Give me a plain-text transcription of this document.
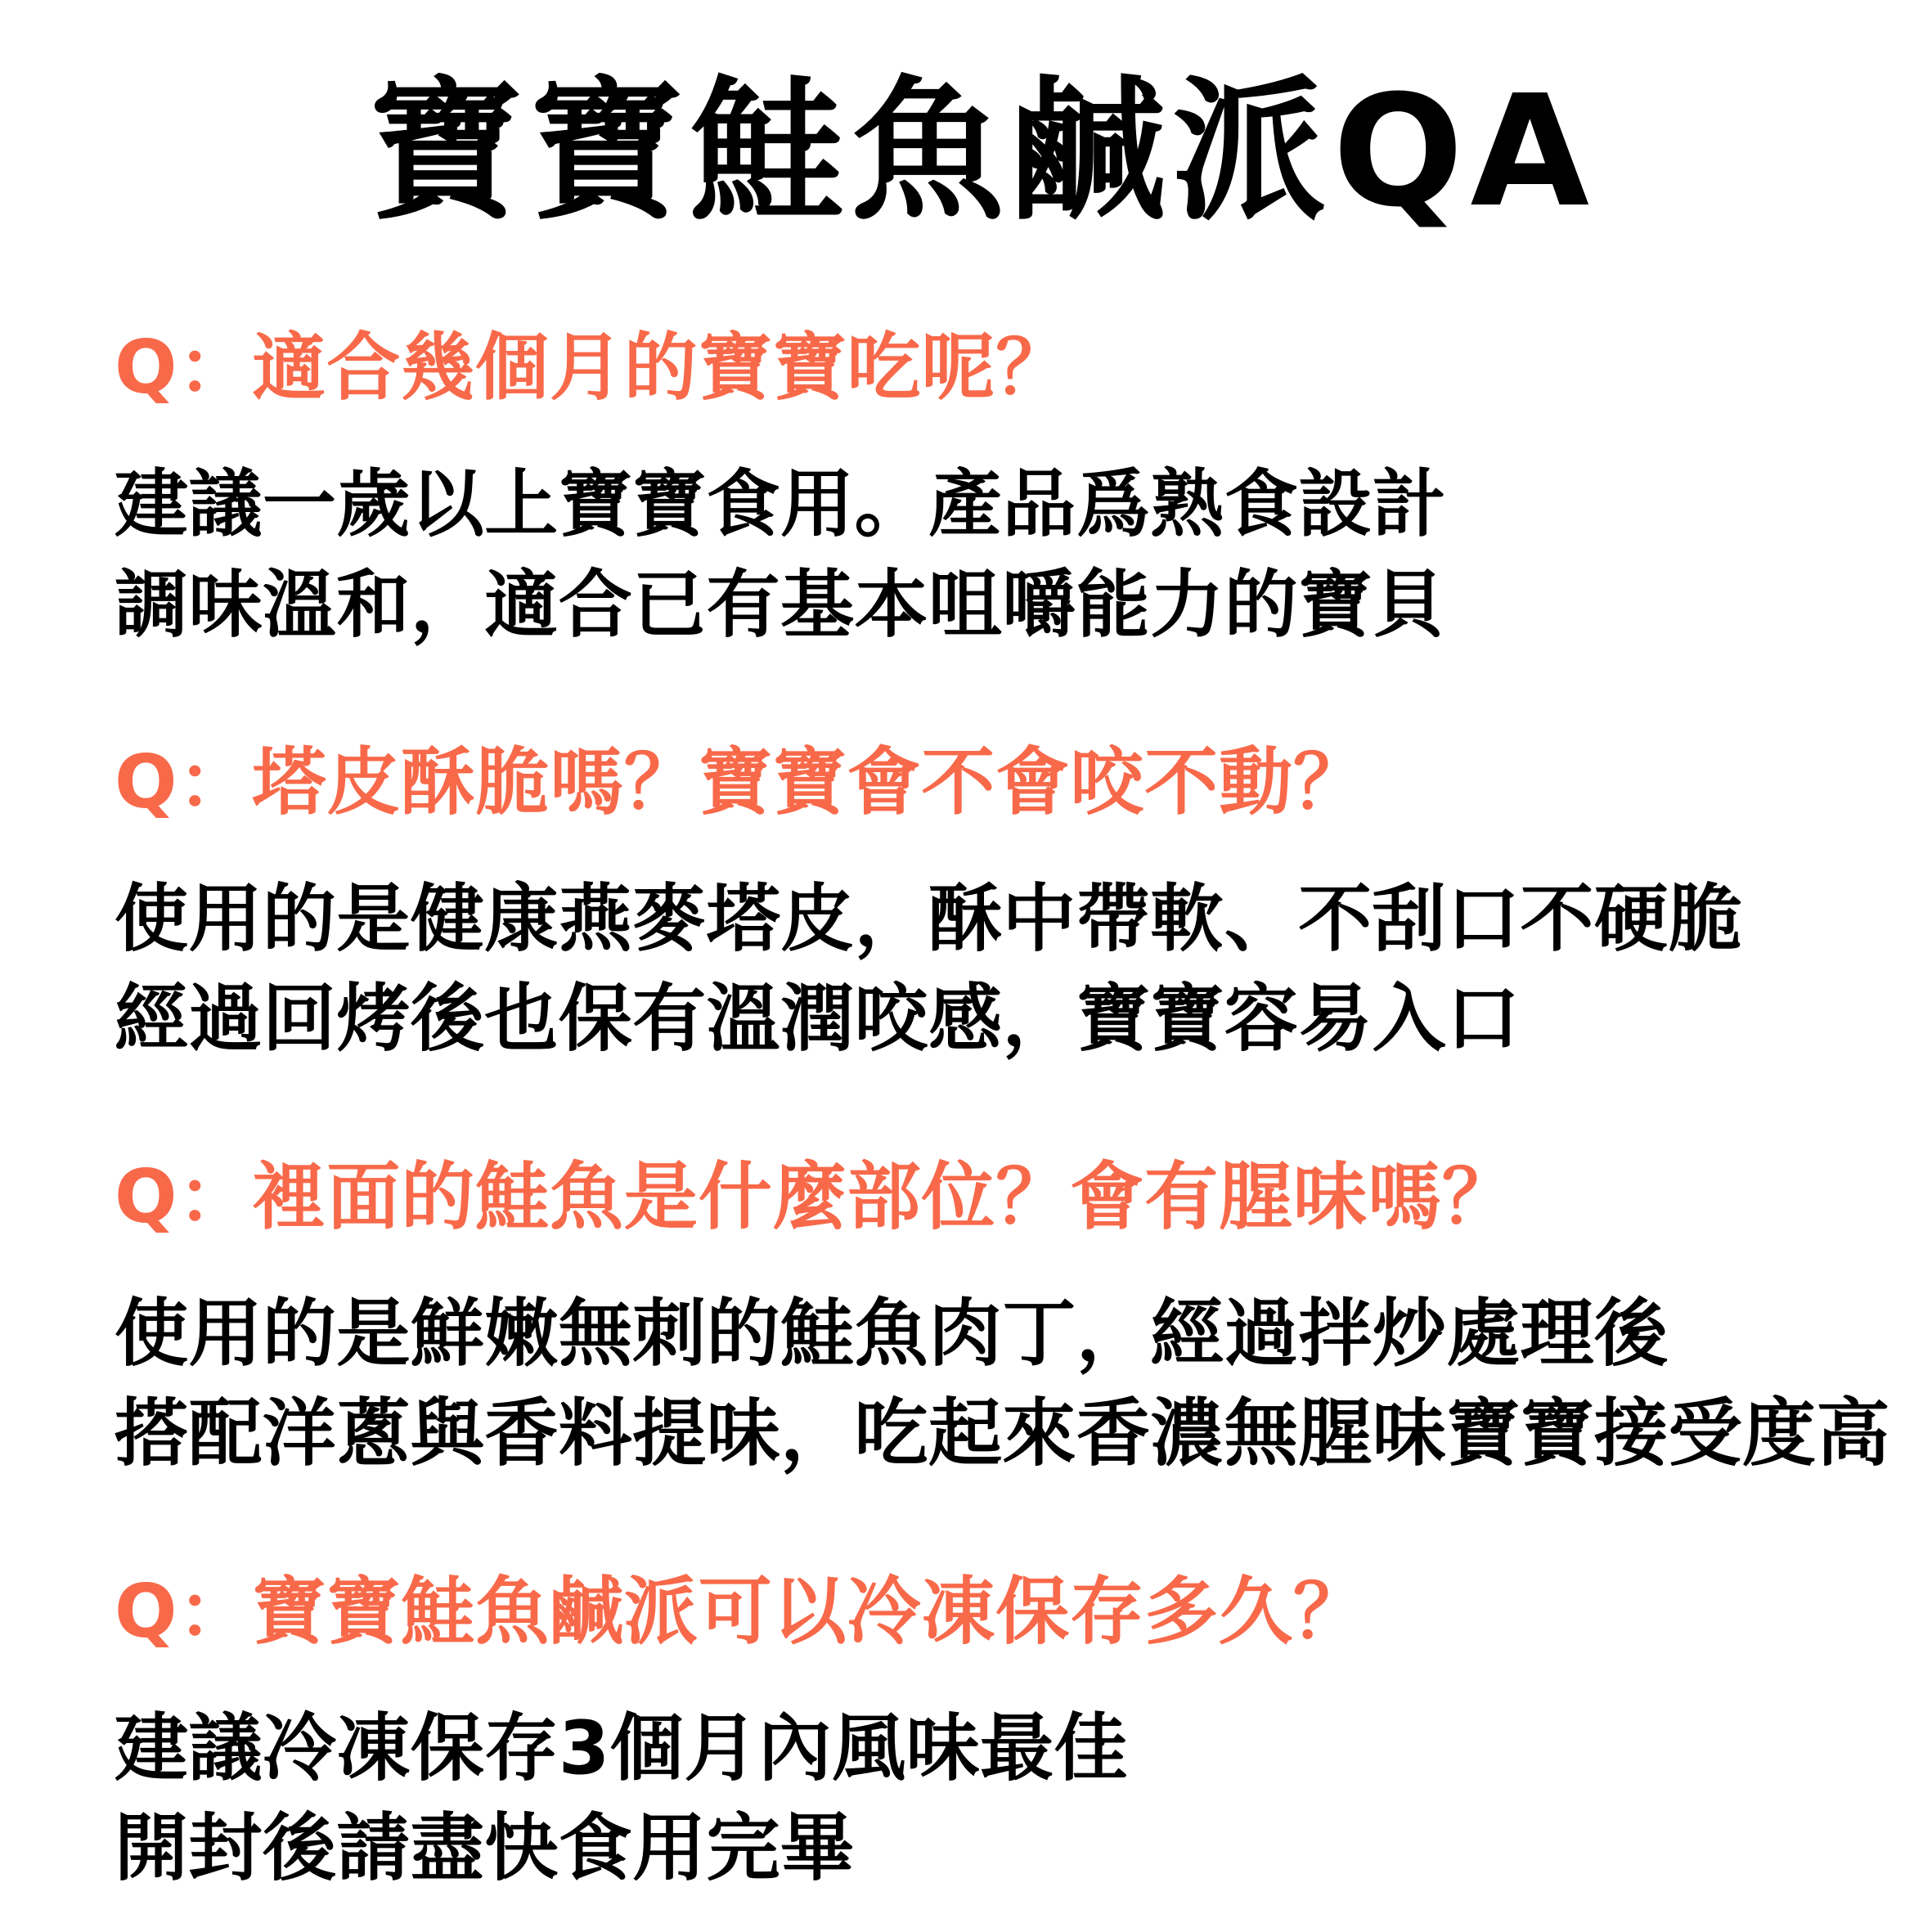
寶寶鮭魚鹹派QA
Q：適合幾個月的寶寶吃呢？
建議一歲以上寶寶食用。產品爲熟食設計
調味溫和，適合已有基本咀嚼能力的寶貝
Q：塔皮酥脆嗎？寶寶會不會咬不動？
使用的是健康燕麥塔皮，酥中帶軟、不刮口不硬脆
經過回烤後也保有溫潤咬感，寶寶容易入口
Q：裡面的鮭魚是什麼部位？會有腥味嗎？
使用的是鮮嫩無刺的鮭魚肉丁，經過拌炒處理後
搭配洋蔥與香料提味，吃起來香濃無腥味寶寶接受度高
Q：寶寶鮭魚鹹派可以冷凍保存多久？
建議冷凍保存3個月內風味最佳
開封後請盡快食用完畢
